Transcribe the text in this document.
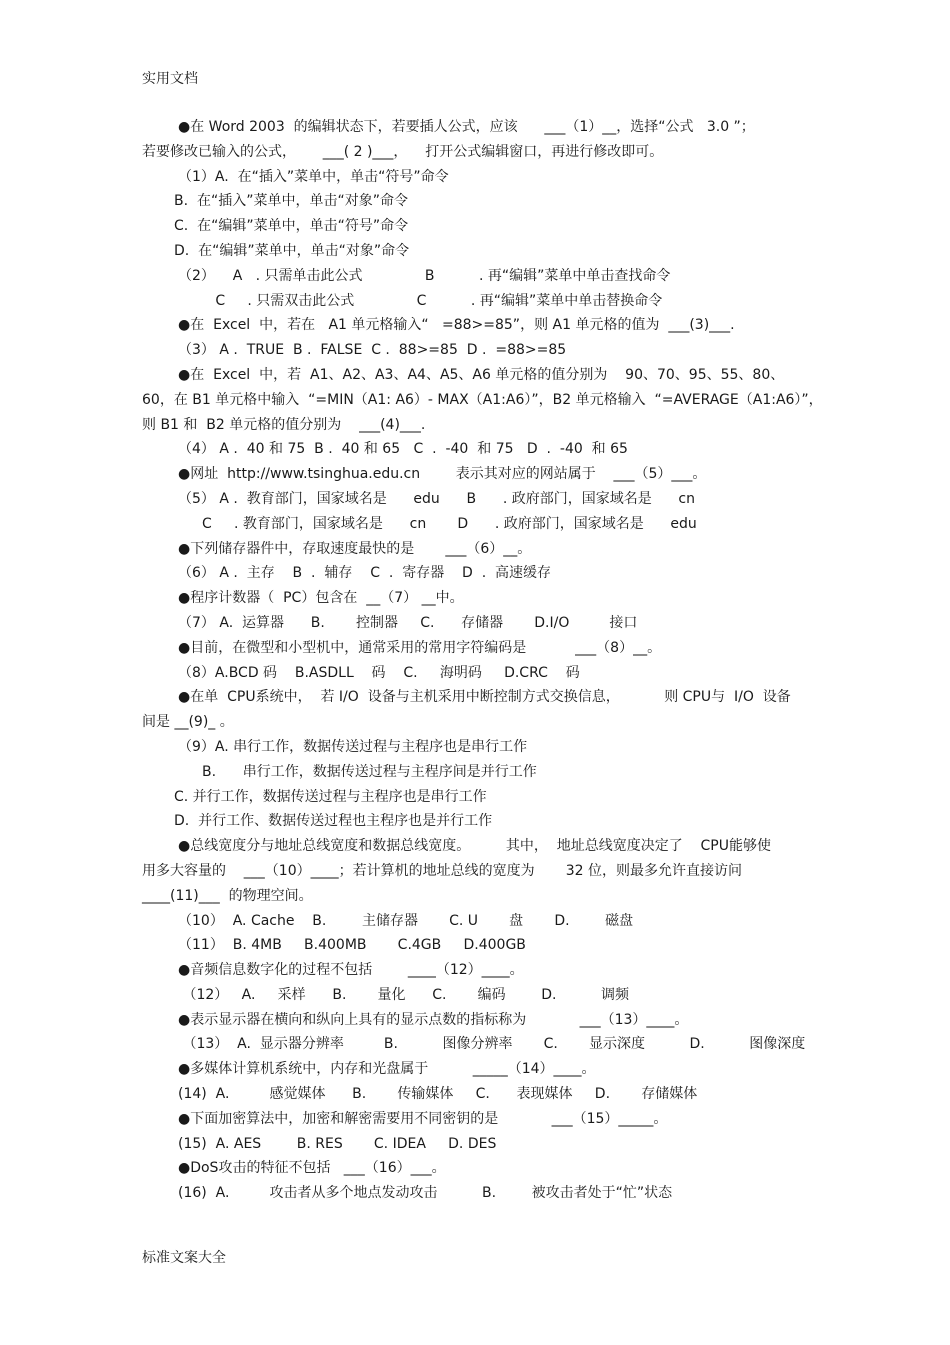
实用文档
●在 Word 2003  的编辑状态下，若要插人公式，应该      ___（1）__，选择“公式   3.0 ”；
若要修改已输入的公式，      ___( 2 )___，    打开公式编辑窗口，再进行修改即可。
（1）A.  在“插入”菜单中，单击“符号”命令
B.  在“插入”菜单中，单击“对象”命令
C.  在“编辑”菜单中，单击“符号”命令
D.  在“编辑”菜单中，单击“对象”命令
（2）    A   . 只需单击此公式              B          . 再“编辑”菜单中单击查找命令
C     . 只需双击此公式              C          . 再“编辑”菜单中单击替换命令
●在  Excel  中，若在   A1 单元格输入“   =88>=85”，则 A1 单元格的值为  ___(3)___.
（3） A .  TRUE  B .  FALSE  C .  88>=85  D .  =88>=85
●在  Excel  中，若  A1、A2、A3、A4、A5、A6 单元格的值分别为    90、70、95、55、80、
60，在 B1 单元格中输入  “=MIN（A1: A6）- MAX（A1:A6）”，B2 单元格输入  “=AVERAGE（A1:A6）”，
则 B1 和  B2 单元格的值分别为    ___(4)___.
（4） A .  40 和 75  B .  40 和 65   C  .  -40  和 75   D  .  -40  和 65
●网址  http://www.tsinghua.edu.cn        表示其对应的网站属于    ___（5）___。
（5） A .  教育部门，国家域名是      edu      B      . 政府部门，国家域名是      cn
C     . 教育部门，国家域名是      cn       D      . 政府部门，国家域名是      edu
●下列储存器件中，存取速度最快的是       ___（6）__。
（6） A .  主存    B  .  辅存    C  .  寄存器    D  .  高速缓存
●程序计数器（  PC）包含在  __（7） __中。
（7） A.  运算器      B.       控制器     C.      存储器       D.I/O         接口
●目前，在微型和小型机中，通常采用的常用字符编码是           ___（8）__。
（8）A.BCD 码    B.ASDLL    码    C.     海明码     D.CRC    码
●在单  CPU系统中，  若 I/O  设备与主机采用中断控制方式交换信息，          则 CPU与  I/O  设备
间是 __(9)_ 。
（9）A. 串行工作，数据传送过程与主程序也是串行工作
B.      串行工作，数据传送过程与主程序间是并行工作
C. 并行工作，数据传送过程与主程序也是串行工作
D.  并行工作、数据传送过程也主程序也是并行工作
●总线宽度分与地址总线宽度和数据总线宽度。        其中，  地址总线宽度决定了    CPU能够使
用多大容量的    ___（10）____；若计算机的地址总线的宽度为       32 位，则最多允许直接访问
____(11)___  的物理空间。
（10）  A. Cache    B.        主储存器       C. U       盘       D.        磁盘
（11）  B. 4MB     B.400MB       C.4GB     D.400GB
●音频信息数字化的过程不包括        ____（12）____。
（12）   A.     采样      B.       量化      C.       编码        D.          调频
●表示显示器在横向和纵向上具有的显示点数的指标称为            ___（13）____。
（13）  A.  显示器分辨率         B.          图像分辨率       C.       显示深度          D.          图像深度
●多媒体计算机系统中，内存和光盘属于          _____（14）____。
(14)  A.         感觉媒体      B.       传输媒体     C.      表现媒体     D.       存储媒体
●下面加密算法中，加密和解密需要用不同密钥的是            ___（15）_____。
(15)  A. AES        B. RES       C. IDEA     D. DES
●DoS攻击的特征不包括   ___（16）___。
(16)  A.         攻击者从多个地点发动攻击          B.        被攻击者处于“忙”状态
标准文案大全
